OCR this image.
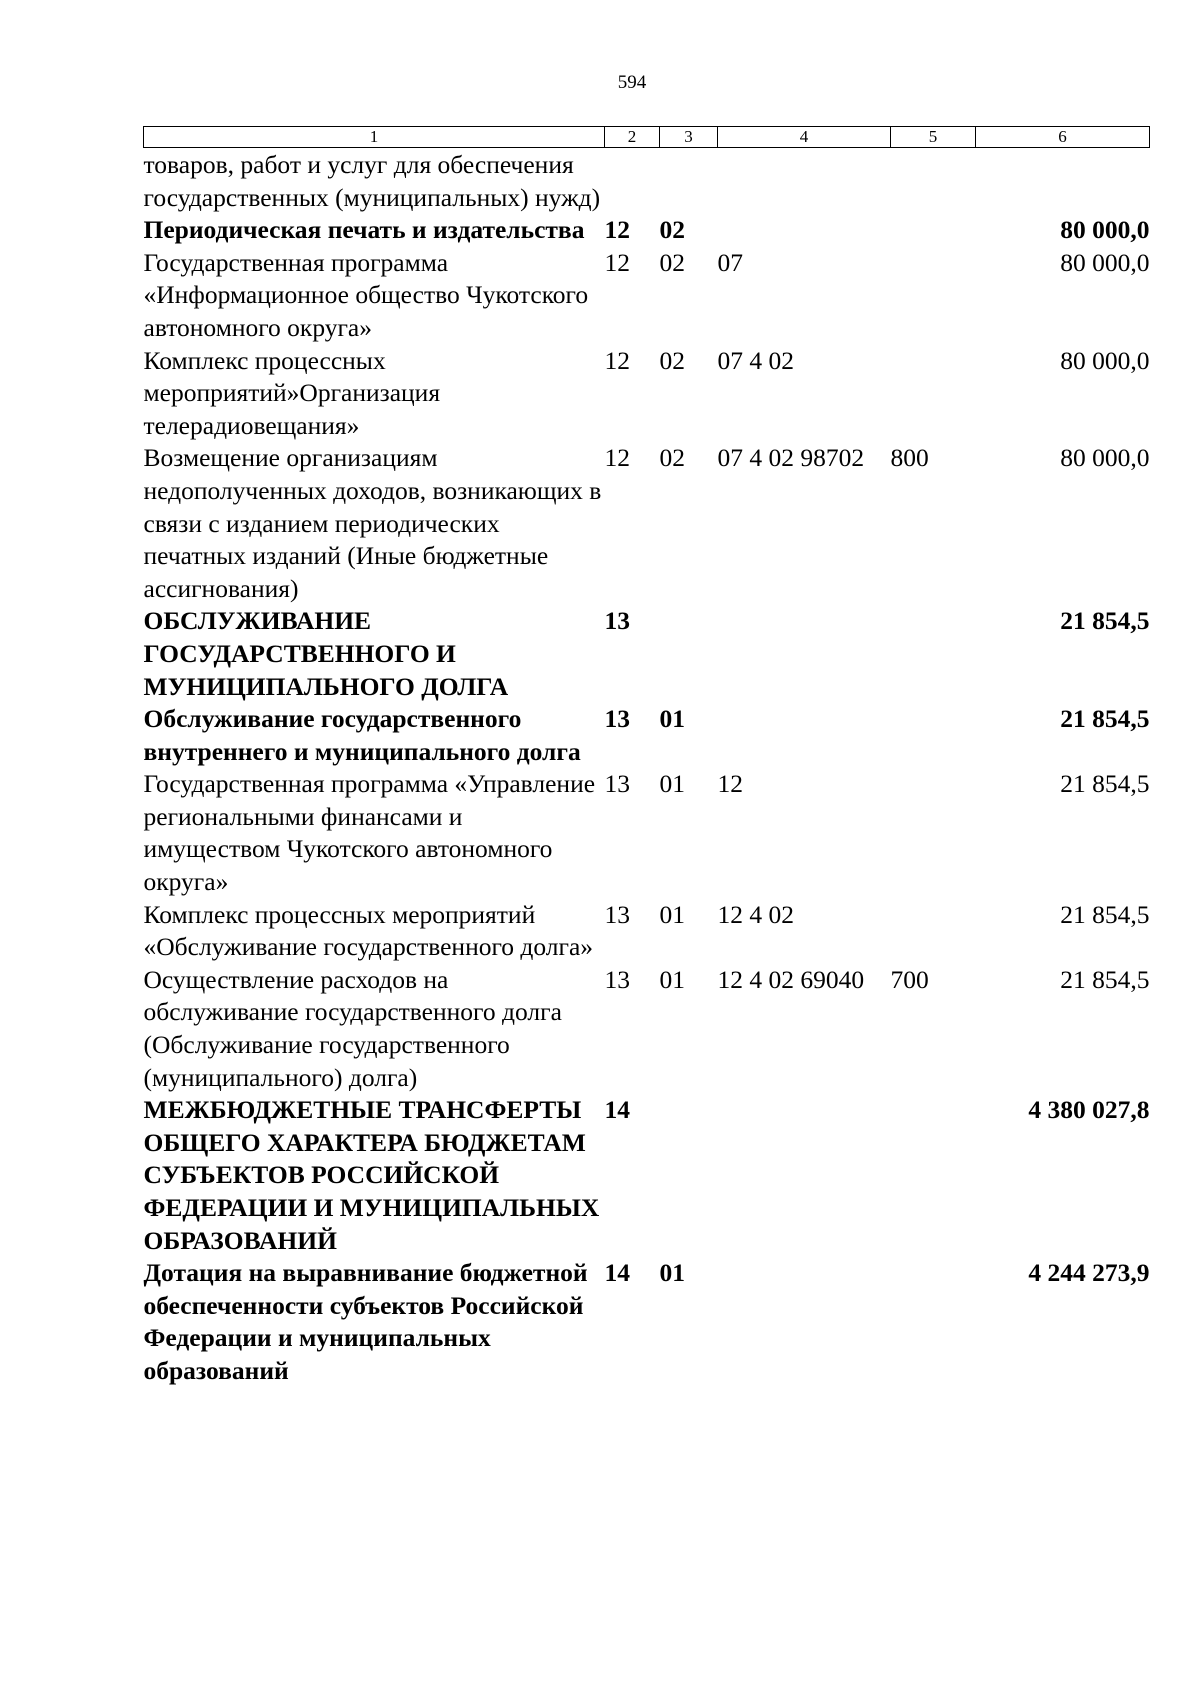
594
1	2	3	4	5	6
товаров, работ и услуг для обеспечения государственных (муниципальных) нужд)					
Периодическая печать и издательства	12	02			80 000,0
Государственная программа «Информационное общество Чукотского автономного округа»	12	02	07		80 000,0
Комплекс процессных мероприятий»Организация телерадиовещания»	12	02	07 4 02		80 000,0
Возмещение организациям недополученных доходов, возникающих в связи с изданием периодических печатных изданий (Иные бюджетные ассигнования)	12	02	07 4 02 98702	800	80 000,0
ОБСЛУЖИВАНИЕ ГОСУДАРСТВЕННОГО И МУНИЦИПАЛЬНОГО ДОЛГА	13				21 854,5
Обслуживание государственного внутреннего и муниципального долга	13	01			21 854,5
Государственная программа «Управление региональными финансами и имуществом Чукотского автономного округа»	13	01	12		21 854,5
Комплекс процессных мероприятий «Обслуживание государственного долга»	13	01	12 4 02		21 854,5
Осуществление расходов на обслуживание государственного долга (Обслуживание государственного (муниципального) долга)	13	01	12 4 02 69040	700	21 854,5
МЕЖБЮДЖЕТНЫЕ ТРАНСФЕРТЫ ОБЩЕГО ХАРАКТЕРА БЮДЖЕТАМ СУБЪЕКТОВ РОССИЙСКОЙ ФЕДЕРАЦИИ И МУНИЦИПАЛЬНЫХ ОБРАЗОВАНИЙ	14				4 380 027,8
Дотация на выравнивание бюджетной обеспеченности субъектов Российской Федерации и муниципальных образований	14	01			4 244 273,9
